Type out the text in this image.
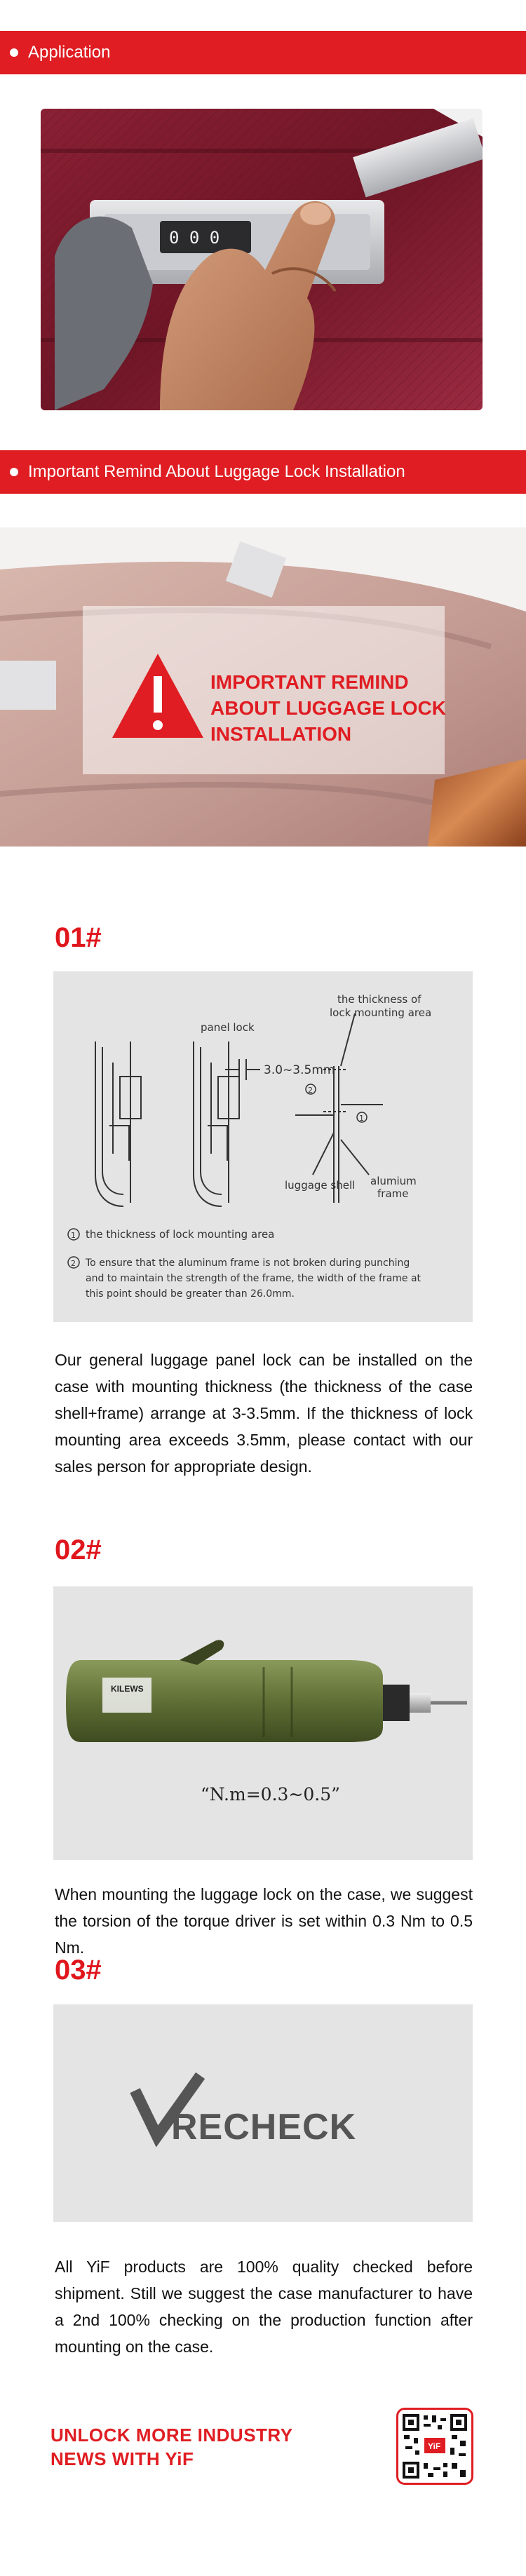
Application
0 0 0
Important Remind About Luggage Lock Installation
IMPORTANT REMIND
ABOUT LUGGAGE LOCK
INSTALLATION
01#
panel lock
3.0~3.5mm
2
1
the thickness of
lock mounting area
luggage shell alumium
frame
1 the thickness of lock mounting area
2 To ensure that the aluminum frame is not broken during punching
and to maintain the strength of the frame, the width of the frame at
this point should be greater than 26.0mm.

Our general luggage panel lock can be installed on the case with mounting thickness (the thickness of the case shell+frame) arrange at 3-3.5mm. If the thickness of lock mounting area exceeds 3.5mm, please contact with our sales person for appropriate design.

02#
KILEWS
“N.m=0.3~0.5”

When mounting the luggage lock on the case, we suggest the torsion of the torque driver is set within 0.3 Nm to 0.5 Nm.

03#
RECHECK

All YiF products are 100% quality checked before shipment. Still we suggest the case manufacturer to have a 2nd 100% checking on the production function after mounting on the case.

UNLOCK MORE INDUSTRY
NEWS WITH YiF
YiF
